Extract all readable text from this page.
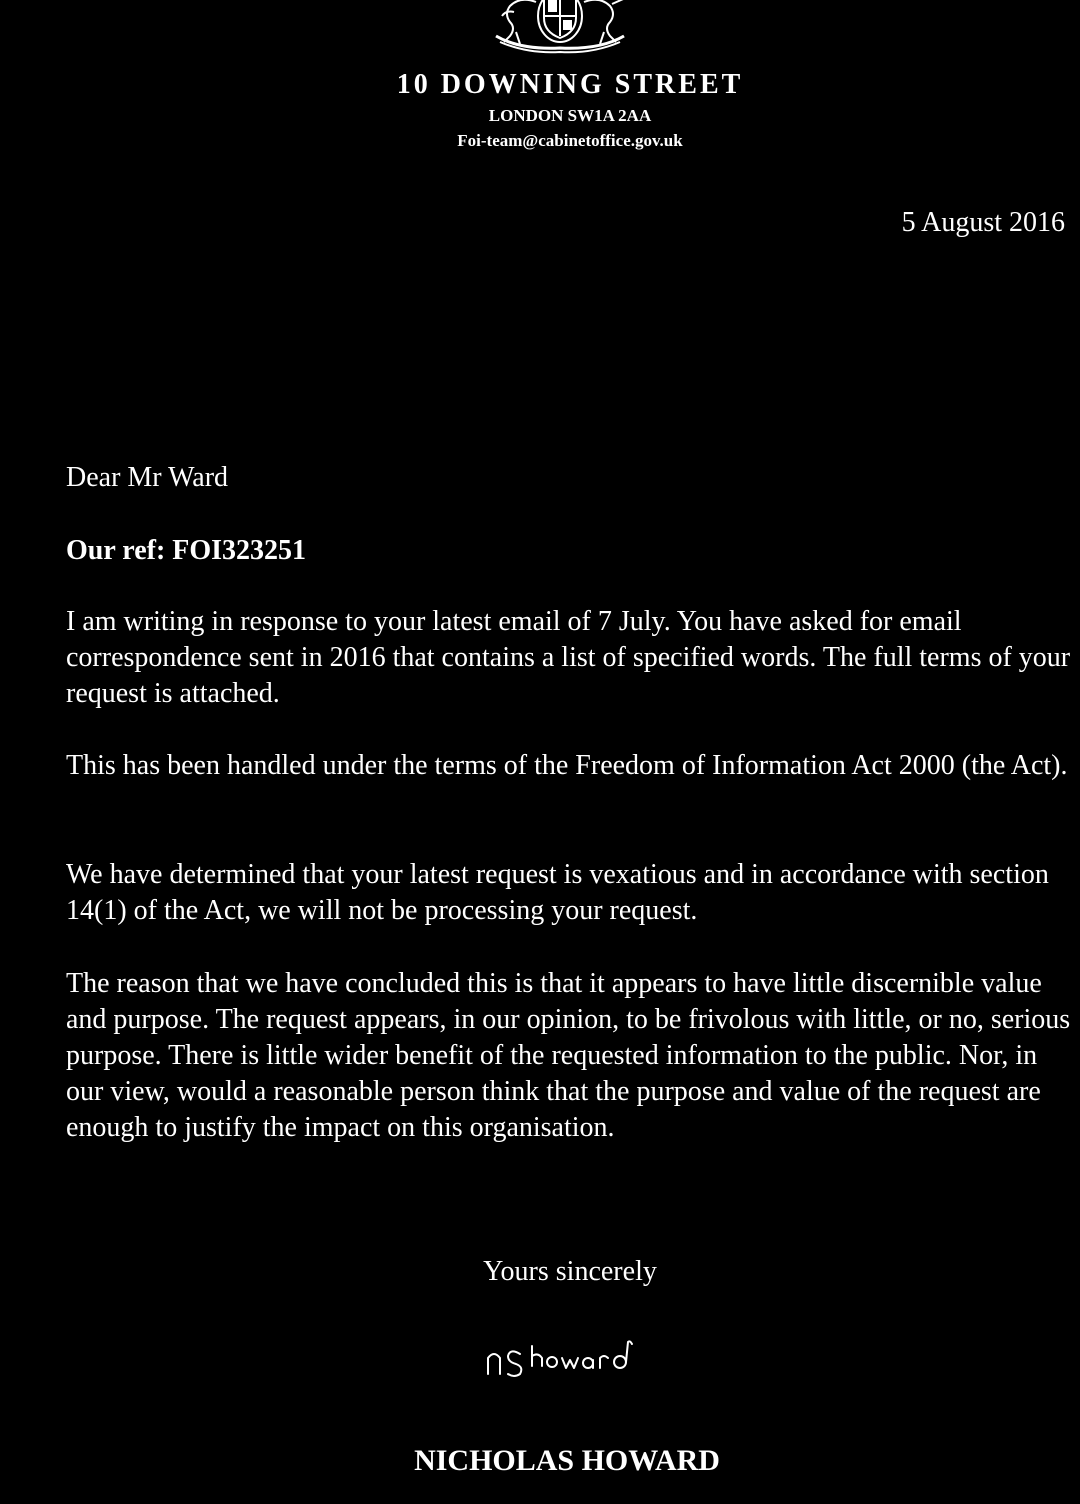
10 DOWNING STREET
LONDON SW1A 2AA
Foi-team@cabinetoffice.gov.uk
5 August 2016

Dear Mr Ward

Our ref: FOI323251

I am writing in response to your latest email of 7 July. You have asked for email correspondence sent in 2016 that contains a list of specified words. The full terms of your request is attached.

This has been handled under the terms of the Freedom of Information Act 2000 (the Act).

We have determined that your latest request is vexatious and in accordance with section 14(1) of the Act, we will not be processing your request.

The reason that we have concluded this is that it appears to have little discernible value and purpose. The request appears, in our opinion, to be frivolous with little, or no, serious purpose. There is little wider benefit of the requested information to the public. Nor, in our view, would a reasonable person think that the purpose and value of the request are enough to justify the impact on this organisation.

Yours sincerely
NICHOLAS HOWARD
